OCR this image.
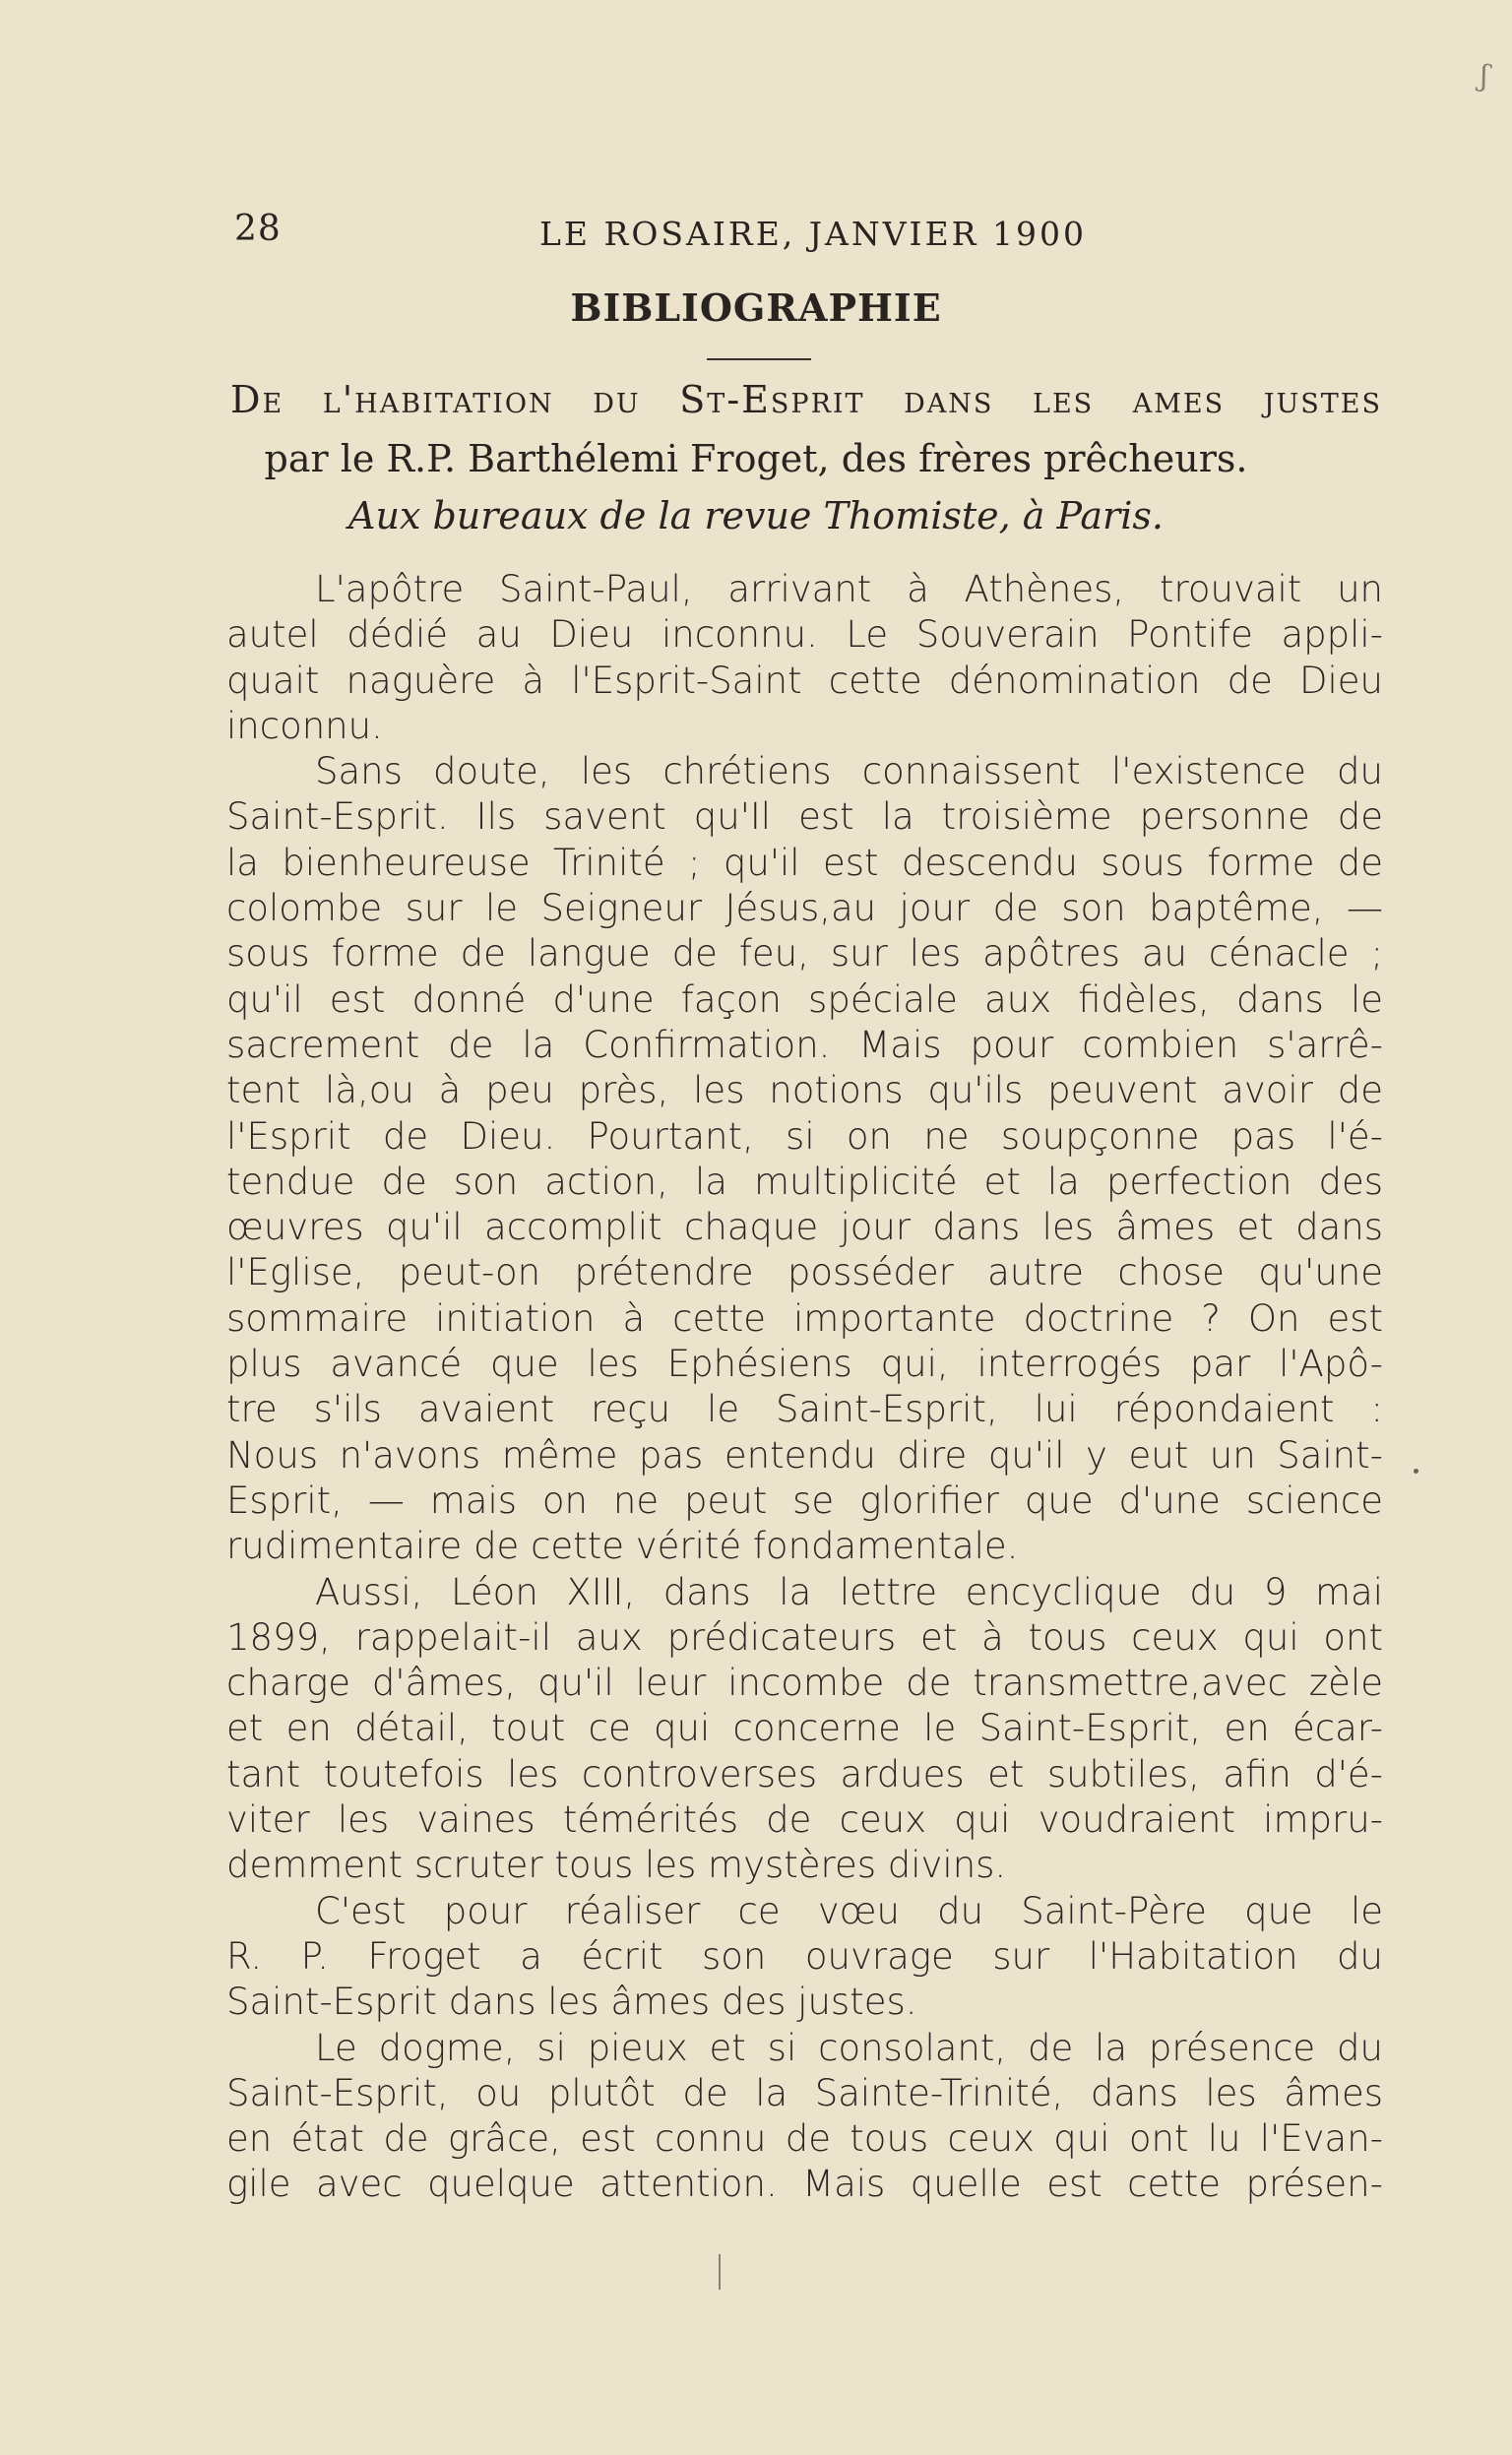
28	LE ROSAIRE, JANVIER 1900
BIBLIOGRAPHIE
De l'habitation du St-Esprit dans les ames justes
par le R.P. Barthélemi Froget, des frères prêcheurs.
Aux bureaux de la revue Thomiste, à Paris.
L'apôtre Saint-Paul, arrivant à Athènes, trouvait un
autel dédié au Dieu inconnu. Le Souverain Pontife appli-
quait naguère à l'Esprit-Saint cette dénomination de Dieu
inconnu.
Sans doute, les chrétiens connaissent l'existence du
Saint-Esprit. Ils savent qu'Il est la troisième personne de
la bienheureuse Trinité ; qu'il est descendu sous forme de
colombe sur le Seigneur Jésus,au jour de son baptême, —
sous forme de langue de feu, sur les apôtres au cénacle ;
qu'il est donné d'une façon spéciale aux fidèles, dans le
sacrement de la Confirmation. Mais pour combien s'arrê-
tent là,ou à peu près, les notions qu'ils peuvent avoir de
l'Esprit de Dieu. Pourtant, si on ne soupçonne pas l'é-
tendue de son action, la multiplicité et la perfection des
œuvres qu'il accomplit chaque jour dans les âmes et dans
l'Eglise, peut-on prétendre posséder autre chose qu'une
sommaire initiation à cette importante doctrine ? On est
plus avancé que les Ephésiens qui, interrogés par l'Apô-
tre s'ils avaient reçu le Saint-Esprit, lui répondaient :
Nous n'avons même pas entendu dire qu'il y eut un Saint-
Esprit, — mais on ne peut se glorifier que d'une science
rudimentaire de cette vérité fondamentale.
Aussi, Léon XIII, dans la lettre encyclique du 9 mai
1899, rappelait-il aux prédicateurs et à tous ceux qui ont
charge d'âmes, qu'il leur incombe de transmettre,avec zèle
et en détail, tout ce qui concerne le Saint-Esprit, en écar-
tant toutefois les controverses ardues et subtiles, afin d'é-
viter les vaines témérités de ceux qui voudraient impru-
demment scruter tous les mystères divins.
C'est pour réaliser ce vœu du Saint-Père que le
R. P. Froget a écrit son ouvrage sur l'Habitation du
Saint-Esprit dans les âmes des justes.
Le dogme, si pieux et si consolant, de la présence du
Saint-Esprit, ou plutôt de la Sainte-Trinité, dans les âmes
en état de grâce, est connu de tous ceux qui ont lu l'Evan-
gile avec quelque attention. Mais quelle est cette présen-
ʃ
